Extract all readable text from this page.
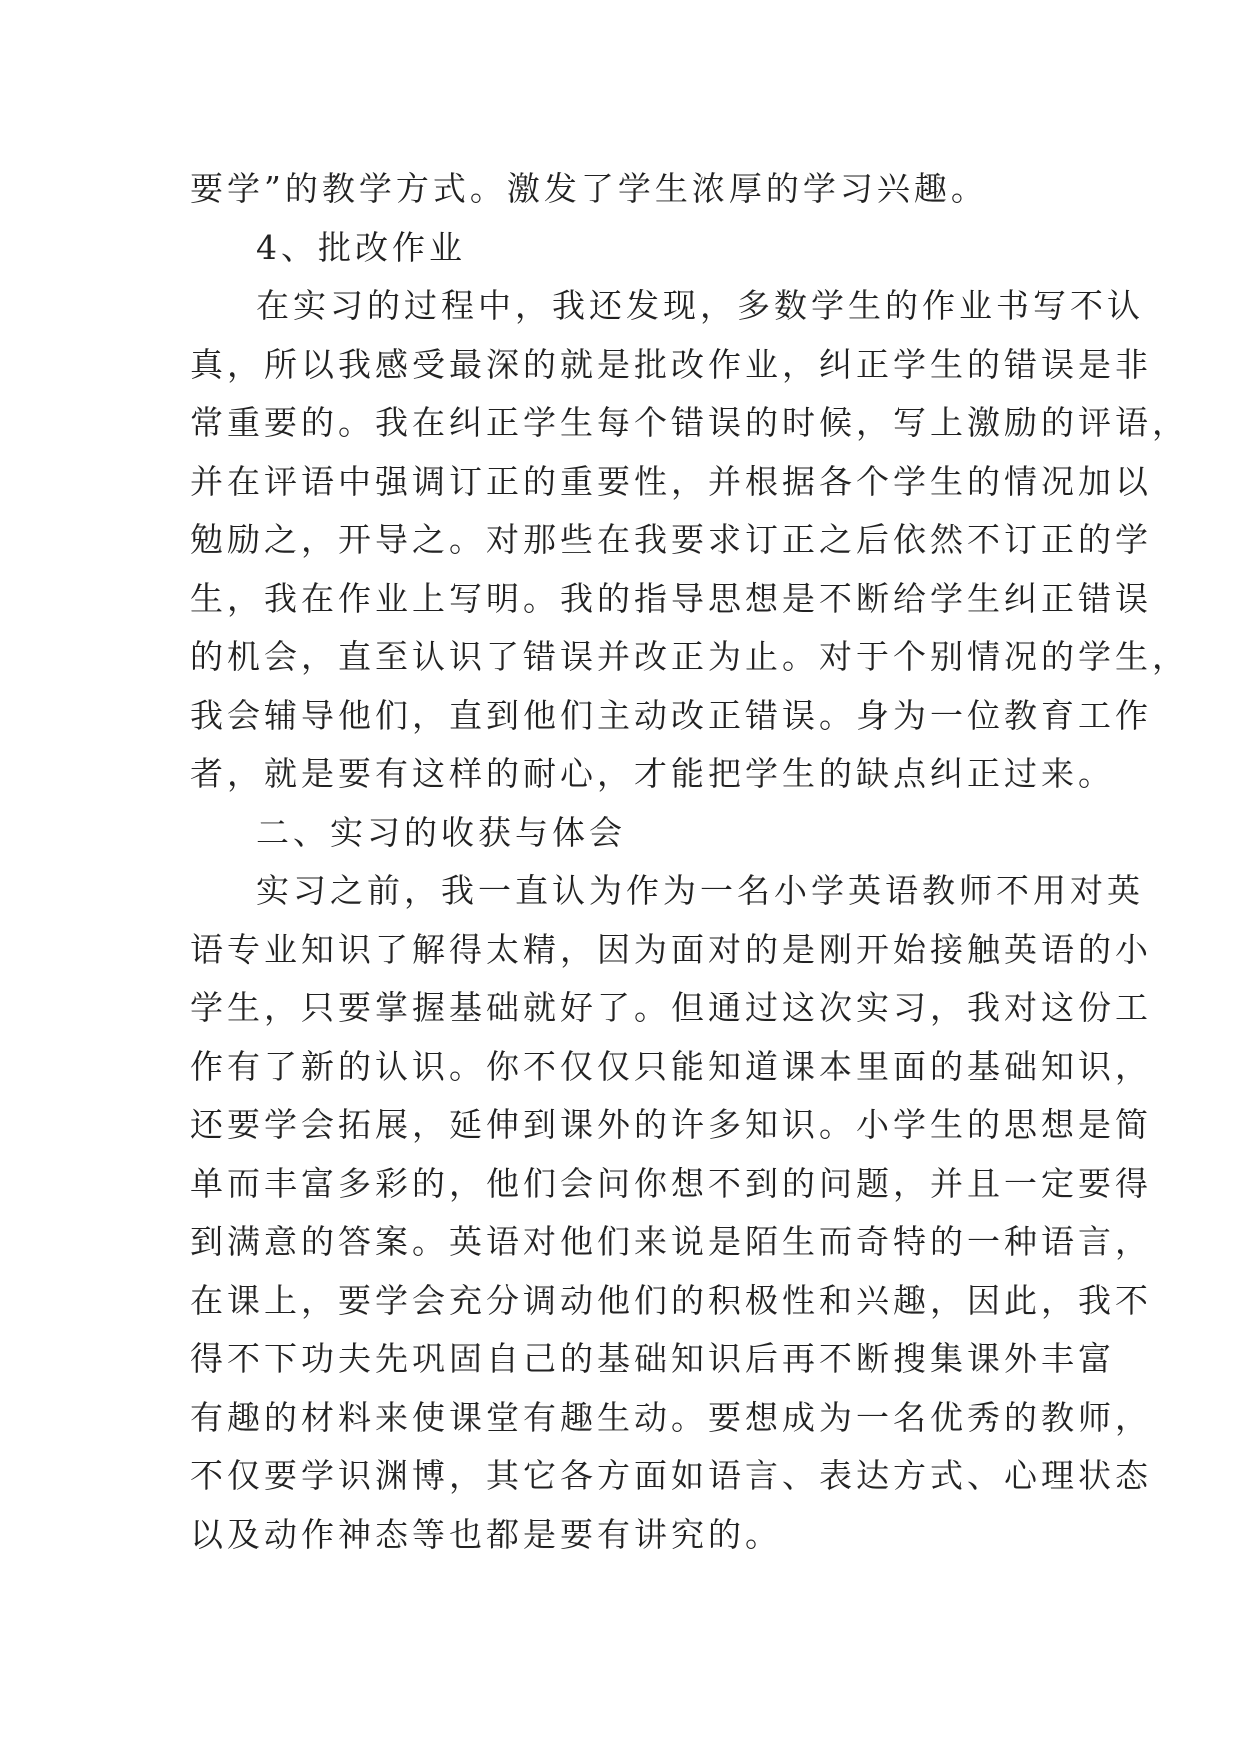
要学”的教学方式。激发了学生浓厚的学习兴趣。
4、批改作业
在实习的过程中，我还发现，多数学生的作业书写不认
真，所以我感受最深的就是批改作业，纠正学生的错误是非
常重要的。我在纠正学生每个错误的时候，写上激励的评语，
并在评语中强调订正的重要性，并根据各个学生的情况加以
勉励之，开导之。对那些在我要求订正之后依然不订正的学
生，我在作业上写明。我的指导思想是不断给学生纠正错误
的机会，直至认识了错误并改正为止。对于个别情况的学生，
我会辅导他们，直到他们主动改正错误。身为一位教育工作
者，就是要有这样的耐心，才能把学生的缺点纠正过来。
二、实习的收获与体会
实习之前，我一直认为作为一名小学英语教师不用对英
语专业知识了解得太精，因为面对的是刚开始接触英语的小
学生，只要掌握基础就好了。但通过这次实习，我对这份工
作有了新的认识。你不仅仅只能知道课本里面的基础知识，
还要学会拓展，延伸到课外的许多知识。小学生的思想是简
单而丰富多彩的，他们会问你想不到的问题，并且一定要得
到满意的答案。英语对他们来说是陌生而奇特的一种语言，
在课上，要学会充分调动他们的积极性和兴趣，因此，我不
得不下功夫先巩固自己的基础知识后再不断搜集课外丰富
有趣的材料来使课堂有趣生动。要想成为一名优秀的教师，
不仅要学识渊博，其它各方面如语言、表达方式、心理状态
以及动作神态等也都是要有讲究的。
